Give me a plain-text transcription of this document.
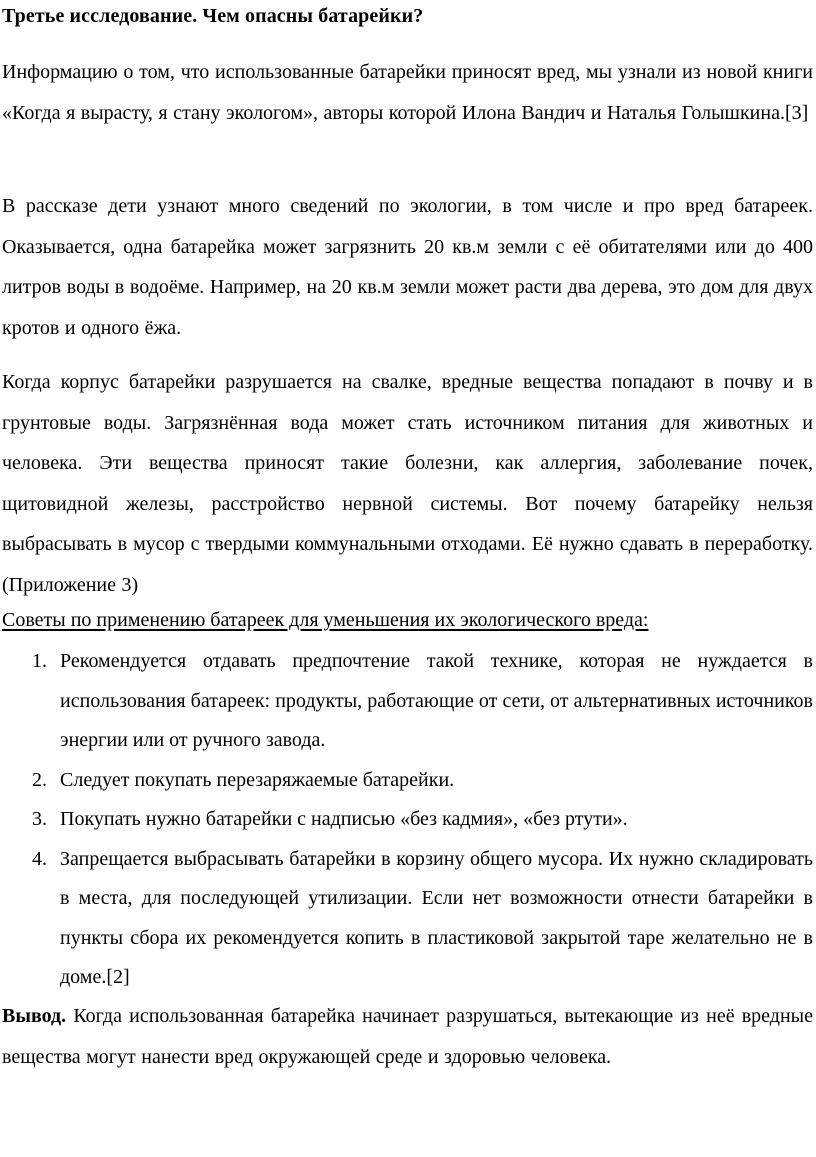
Третье исследование. Чем опасны батарейки?

Информацию о том, что использованные батарейки приносят вред, мы узнали из новой книги «Когда я вырасту, я стану экологом», авторы которой Илона Вандич и Наталья Голышкина.[3]

В рассказе дети узнают много сведений по экологии, в том числе и про вред батареек. Оказывается, одна батарейка может загрязнить 20 кв.м земли с её обитателями или до 400 литров воды в водоёме. Например, на 20 кв.м земли может расти два дерева, это дом для двух кротов и одного ёжа.

Когда корпус батарейки разрушается на свалке, вредные вещества попадают в почву и в грунтовые воды. Загрязнённая вода может стать источником питания для животных и человека. Эти вещества приносят такие болезни, как аллергия, заболевание почек, щитовидной железы, расстройство нервной системы. Вот почему батарейку нельзя выбрасывать в мусор с твердыми коммунальными отходами. Её нужно сдавать в переработку. (Приложение 3)

Советы по применению батареек для уменьшения их экологического вреда:

1. Рекомендуется отдавать предпочтение такой технике, которая не нуждается в использования батареек: продукты, работающие от сети, от альтернативных источников энергии или от ручного завода.
2. Следует покупать перезаряжаемые батарейки.
3. Покупать нужно батарейки с надписью «без кадмия», «без ртути».
4. Запрещается выбрасывать батарейки в корзину общего мусора. Их нужно складировать в места, для последующей утилизации. Если нет возможности отнести батарейки в пункты сбора их рекомендуется копить в пластиковой закрытой таре желательно не в доме.[2]

Вывод. Когда использованная батарейка начинает разрушаться, вытекающие из неё вредные вещества могут нанести вред окружающей среде и здоровью человека.
